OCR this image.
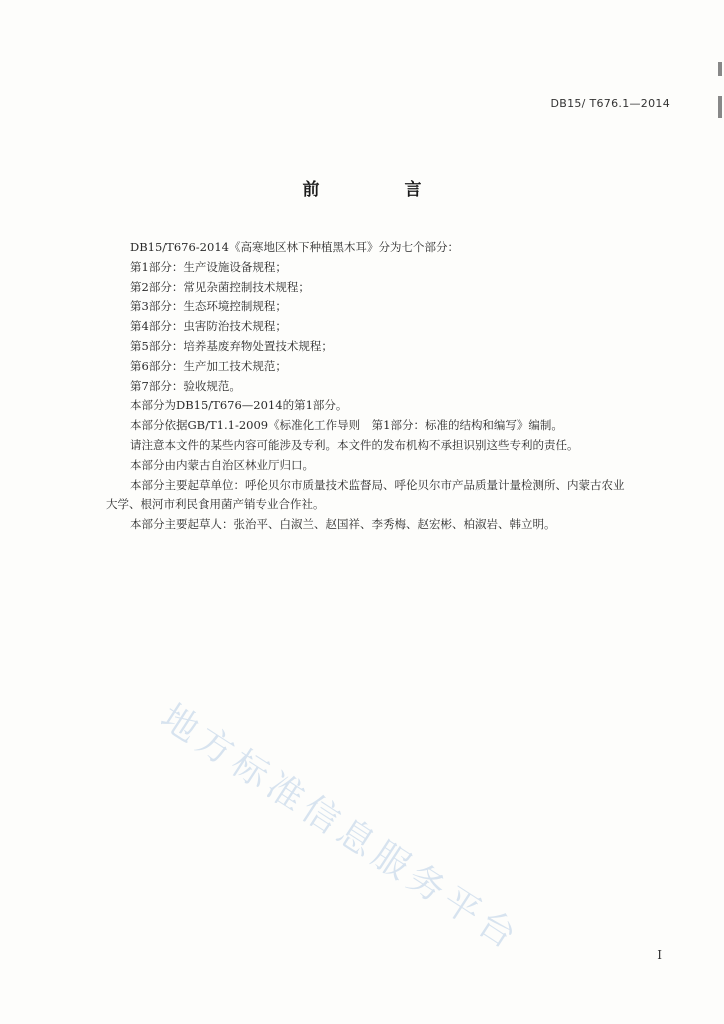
DB15/ T676.1—2014
前　言

DB15/T676-2014《高寒地区林下种植黑木耳》分为七个部分：

第1部分：生产设施设备规程；

第2部分：常见杂菌控制技术规程；

第3部分：生态环境控制规程；

第4部分：虫害防治技术规程；

第5部分：培养基废弃物处置技术规程；

第6部分：生产加工技术规范；

第7部分：验收规范。

本部分为DB15/T676—2014的第1部分。

本部分依据GB/T1.1-2009《标准化工作导则　第1部分：标准的结构和编写》编制。

请注意本文件的某些内容可能涉及专利。本文件的发布机构不承担识别这些专利的责任。

本部分由内蒙古自治区林业厅归口。

本部分主要起草单位：呼伦贝尔市质量技术监督局、呼伦贝尔市产品质量计量检测所、内蒙古农业

大学、根河市利民食用菌产销专业合作社。

本部分主要起草人：张治平、白淑兰、赵国祥、李秀梅、赵宏彬、柏淑岩、韩立明。

地方标准信息服务平台	I
